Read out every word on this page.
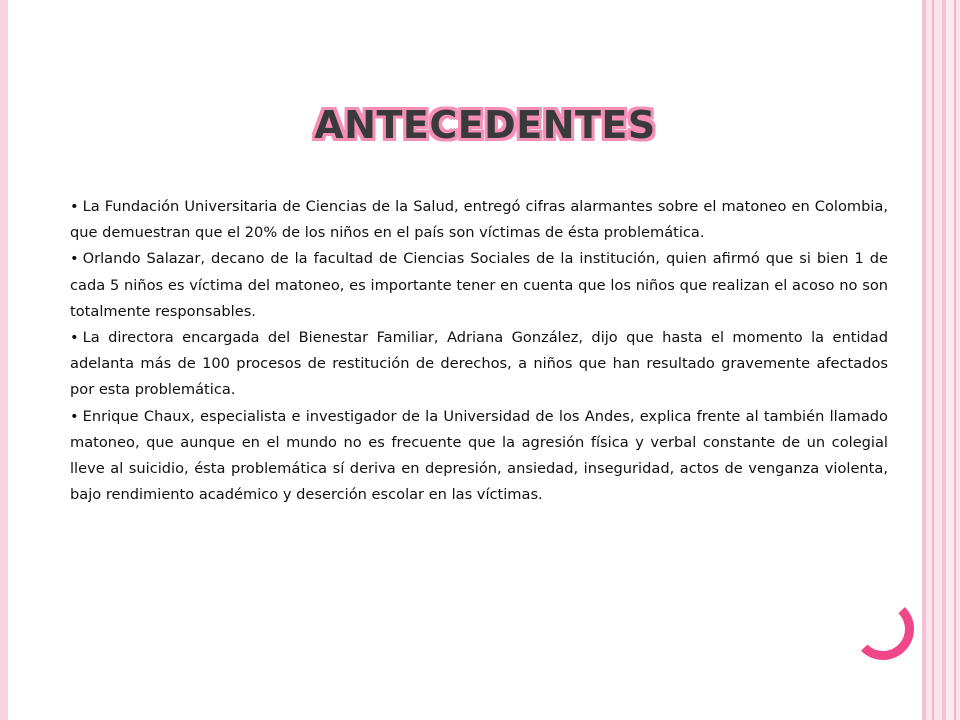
ANTECEDENTES

• La Fundación Universitaria de Ciencias de la Salud, entregó cifras alarmantes sobre el matoneo en Colombia, que demuestran que el 20% de los niños en el país son víctimas de ésta problemática.

• Orlando Salazar, decano de la facultad de Ciencias Sociales de la institución, quien afirmó que si bien 1 de cada 5 niños es víctima del matoneo, es importante tener en cuenta que los niños que realizan el acoso no son totalmente responsables.

• La directora encargada del Bienestar Familiar, Adriana González, dijo que hasta el momento la entidad adelanta más de 100 procesos de restitución de derechos, a niños que han resultado gravemente afectados por esta problemática.

• Enrique Chaux, especialista e investigador de la Universidad de los Andes, explica frente al también llamado matoneo, que aunque en el mundo no es frecuente que la agresión física y verbal constante de un colegial lleve al suicidio, ésta problemática sí deriva en depresión, ansiedad, inseguridad, actos de venganza violenta, bajo rendimiento académico y deserción escolar en las víctimas.
